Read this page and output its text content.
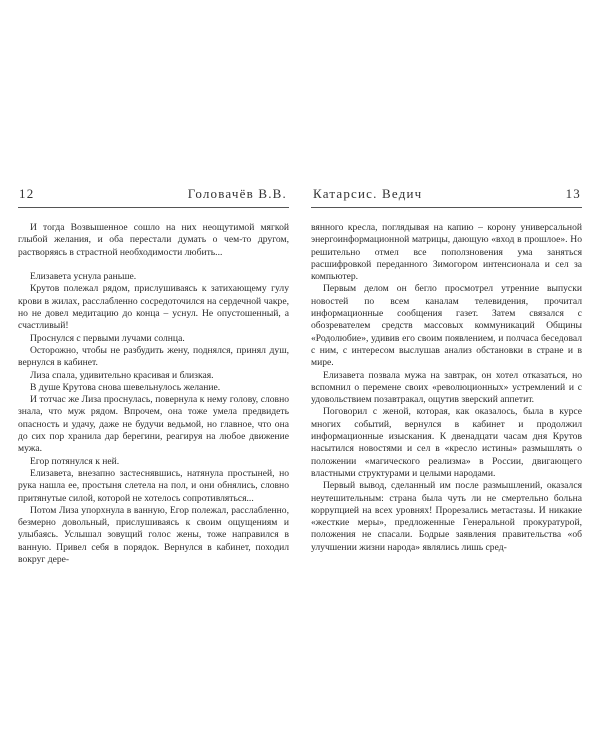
12	Головачёв В.В.

И тогда Возвышенное сошло на них неощутимой мягкой глыбой желания, и оба перестали думать о чем-то другом, растворяясь в страстной необходимости любить...

Елизавета уснула раньше.

Крутов полежал рядом, прислушиваясь к затихающему гулу крови в жилах, расслабленно сосредоточился на сердечной чакре, но не довел медитацию до конца – уснул. Не опустошенный, а счастливый!

Проснулся с первыми лучами солнца.

Осторожно, чтобы не разбудить жену, поднялся, принял душ, вернулся в кабинет.

Лиза спала, удивительно красивая и близкая.

В душе Крутова снова шевельнулось желание.

И тотчас же Лиза проснулась, повернула к нему голову, словно знала, что муж рядом. Впрочем, она тоже умела предвидеть опасность и удачу, даже не будучи ведьмой, но главное, что она до сих пор хранила дар берегини, реагируя на любое движение мужа.

Егор потянулся к ней.

Елизавета, внезапно застеснявшись, натянула простыней, но рука нашла ее, простыня слетела на пол, и они обнялись, словно притянутые силой, которой не хотелось сопротивляться...

Потом Лиза упорхнула в ванную, Егор полежал, расслабленно, безмерно довольный, прислушиваясь к своим ощущениям и улыбаясь. Услышал зовущий голос жены, тоже направился в ванную. Привел себя в порядок. Вернулся в кабинет, походил вокруг дере-

Катарсис. Ведич	13

вянного кресла, поглядывая на капию – корону универсальной энергоинформационной матрицы, дающую «вход в прошлое». Но решительно отмел все поползновения ума заняться расшифровкой переданного Зимогором интенсионала и сел за компьютер.

Первым делом он бегло просмотрел утренние выпуски новостей по всем каналам телевидения, прочитал информационные сообщения газет. Затем связался с обозревателем средств массовых коммуникаций Общины «Родолюбие», удивив его своим появлением, и полчаса беседовал с ним, с интересом выслушав анализ обстановки в стране и в мире.

Елизавета позвала мужа на завтрак, он хотел отказаться, но вспомнил о перемене своих «революционных» устремлений и с удовольствием позавтракал, ощутив зверский аппетит.

Поговорил с женой, которая, как оказалось, была в курсе многих событий, вернулся в кабинет и продолжил информационные изыскания. К двенадцати часам дня Крутов насытился новостями и сел в «кресло истины» размышлять о положении «магического реализма» в России, двигающего властными структурами и целыми народами.

Первый вывод, сделанный им после размышлений, оказался неутешительным: страна была чуть ли не смертельно больна коррупцией на всех уровнях! Прорезались метастазы. И никакие «жесткие меры», предложенные Генеральной прокуратурой, положения не спасали. Бодрые заявления правительства «об улучшении жизни народа» являлись лишь сред-
